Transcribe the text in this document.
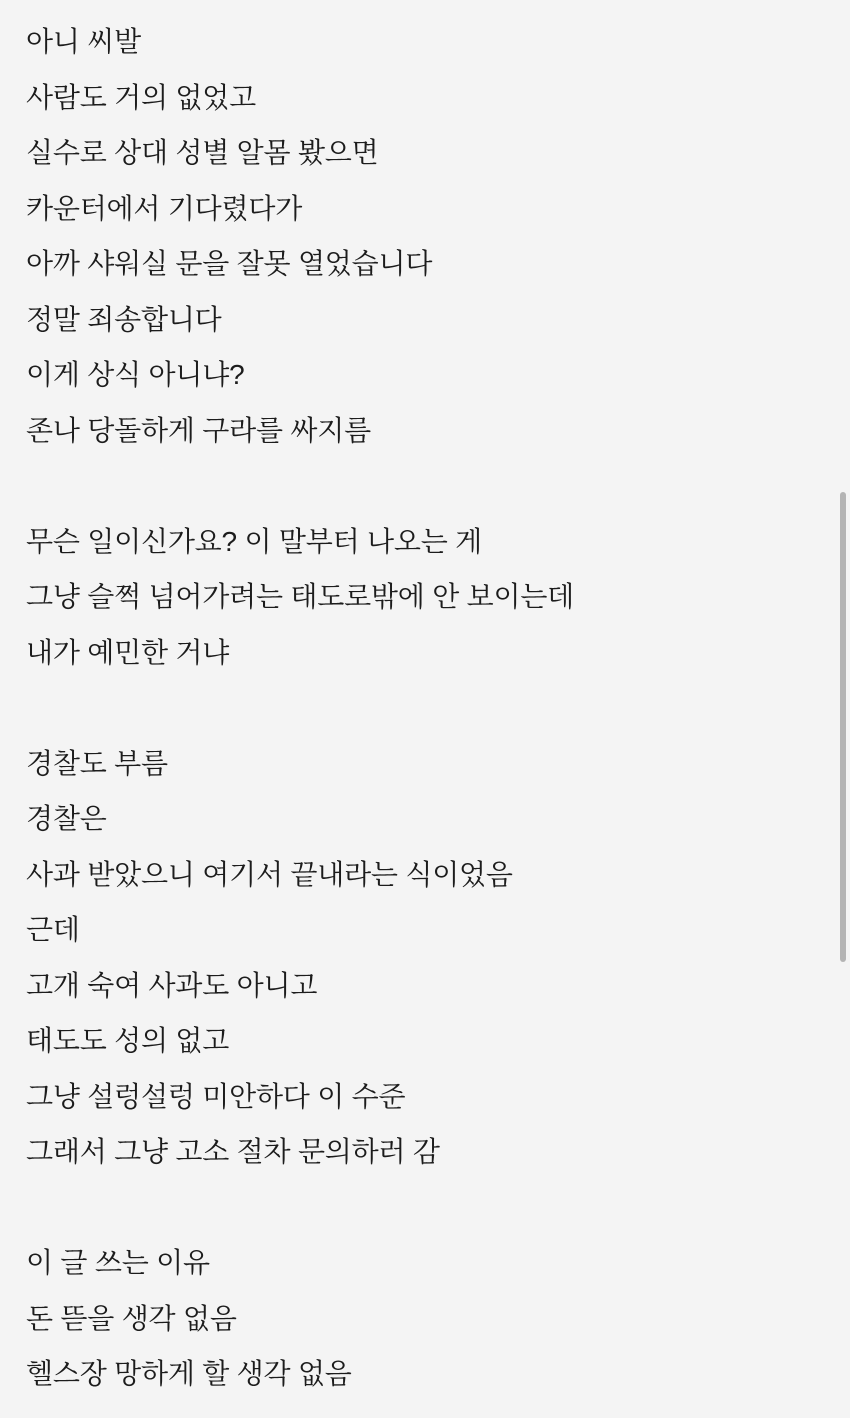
아니 씨발
사람도 거의 없었고
실수로 상대 성별 알몸 봤으면
카운터에서 기다렸다가
아까 샤워실 문을 잘못 열었습니다
정말 죄송합니다
이게 상식 아니냐?
존나 당돌하게 구라를 싸지름

무슨 일이신가요? 이 말부터 나오는 게
그냥 슬쩍 넘어가려는 태도로밖에 안 보이는데
내가 예민한 거냐

경찰도 부름
경찰은
사과 받았으니 여기서 끝내라는 식이었음
근데
고개 숙여 사과도 아니고
태도도 성의 없고
그냥 설렁설렁 미안하다 이 수준
그래서 그냥 고소 절차 문의하러 감

이 글 쓰는 이유
돈 뜯을 생각 없음
헬스장 망하게 할 생각 없음
